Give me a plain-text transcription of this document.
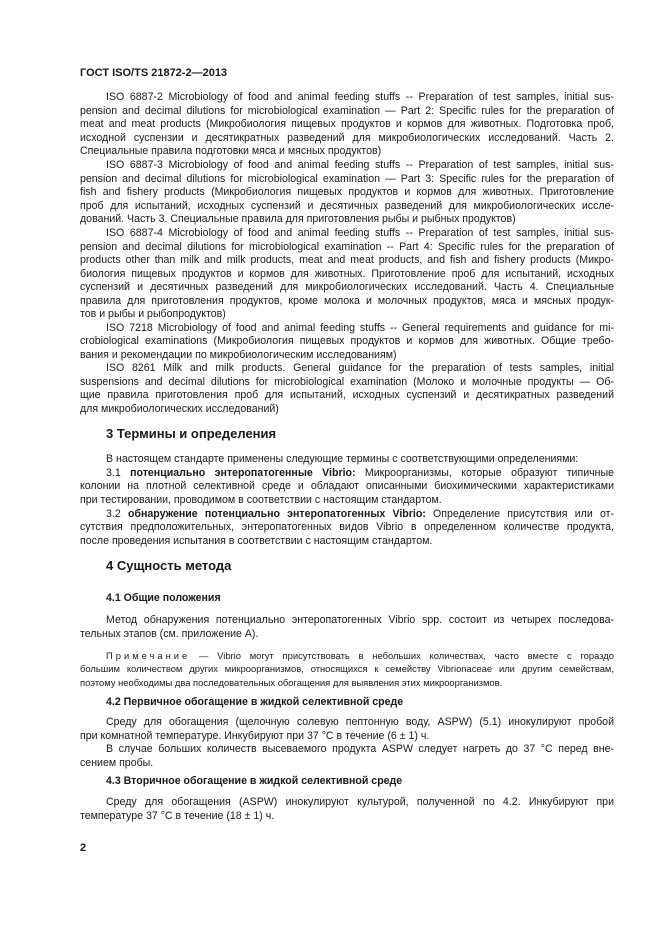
ГОСТ ISO/TS 21872-2—2013
ISO 6887-2 Microbiology of food and animal feeding stuffs -- Preparation of test samples, initial sus-
pension and decimal dilutions for microbiological examination — Part 2: Specific rules for the preparation of
meat and meat products (Микробиология пищевых продуктов и кормов для животных. Подготовка проб,
исходной суспензии и десятикратных разведений для микробиологических исследований. Часть 2.
Специальные правила подготовки мяса и мясных продуктов)
ISO 6887-3 Microbiology of food and animal feeding stuffs -- Preparation of test samples, initial sus-
pension and decimal dilutions for microbiological examination — Part 3: Specific rules for the preparation of
fish and fishery products (Микробиология пищевых продуктов и кормов для животных. Приготовление
проб для испытаний, исходных суспензий и десятичных разведений для микробиологических иссле-
дований. Часть 3. Специальные правила для приготовления рыбы и рыбных продуктов)
ISO 6887-4 Microbiology of food and animal feeding stuffs -- Preparation of test samples, initial sus-
pension and decimal dilutions for microbiological examination -- Part 4: Specific rules for the preparation of
products other than milk and milk products, meat and meat products, and fish and fishery products (Микро-
биология пищевых продуктов и кормов для животных. Приготовление проб для испытаний, исходных
суспензий и десятичных разведений для микробиологических исследований. Часть 4. Специальные
правила для приготовления продуктов, кроме молока и молочных продуктов, мяса и мясных продук-
тов и рыбы и рыбопродуктов)
ISO 7218 Microbiology of food and animal feeding stuffs -- General requirements and guidance for mi-
crobiological examinations (Микробиология пищевых продуктов и кормов для животных. Общие требо-
вания и рекомендации по микробиологическим исследованиям)
ISO 8261 Milk and milk products. General guidance for the preparation of tests samples, initial
suspensions and decimal dilutions for microbiological examination (Молоко и молочные продукты — Об-
щие правила приготовления проб для испытаний, исходных суспензий и десятикратных разведений
для микробиологических исследований)
3 Термины и определения
В настоящем стандарте применены следующие термины с соответствующими определениями:
3.1 потенциально энтеропатогенные Vibrio: Микроорганизмы, которые образуют типичные
колонии на плотной селективной среде и обладают описанными биохимическими характеристиками
при тестировании, проводимом в соответствии с настоящим стандартом.
3.2 обнаружение потенциально энтеропатогенных Vibrio: Определение присутствия или от-
сутствия предположительных, энтеропатогенных видов Vibrio в определенном количестве продукта,
после проведения испытания в соответствии с настоящим стандартом.
4 Сущность метода
4.1 Общие положения
Метод обнаружения потенциально энтеропатогенных Vibrio spp. состоит из четырех последова-
тельных этапов (см. приложение А).
Примечание — Vibrio могут присутствовать в небольших количествах, часто вместе с гораздо
большим количеством других микроорганизмов, относящихся к семейству Vibrionaceae или другим семействам,
поэтому необходимы два последовательных обогащения для выявления этих микроорганизмов.
4.2 Первичное обогащение в жидкой селективной среде
Среду для обогащения (щелочную солевую пептонную воду, ASPW) (5.1) инокулируют пробой
при комнатной температуре. Инкубируют при 37 °C в течение (6 ± 1) ч.
В случае больших количеств высеваемого продукта ASPW следует нагреть до 37 °C перед вне-
сением пробы.
4.3 Вторичное обогащение в жидкой селективной среде
Среду для обогащения (ASPW) инокулируют культурой, полученной по 4.2. Инкубируют при
температуре 37 °C в течение (18 ± 1) ч.
2
